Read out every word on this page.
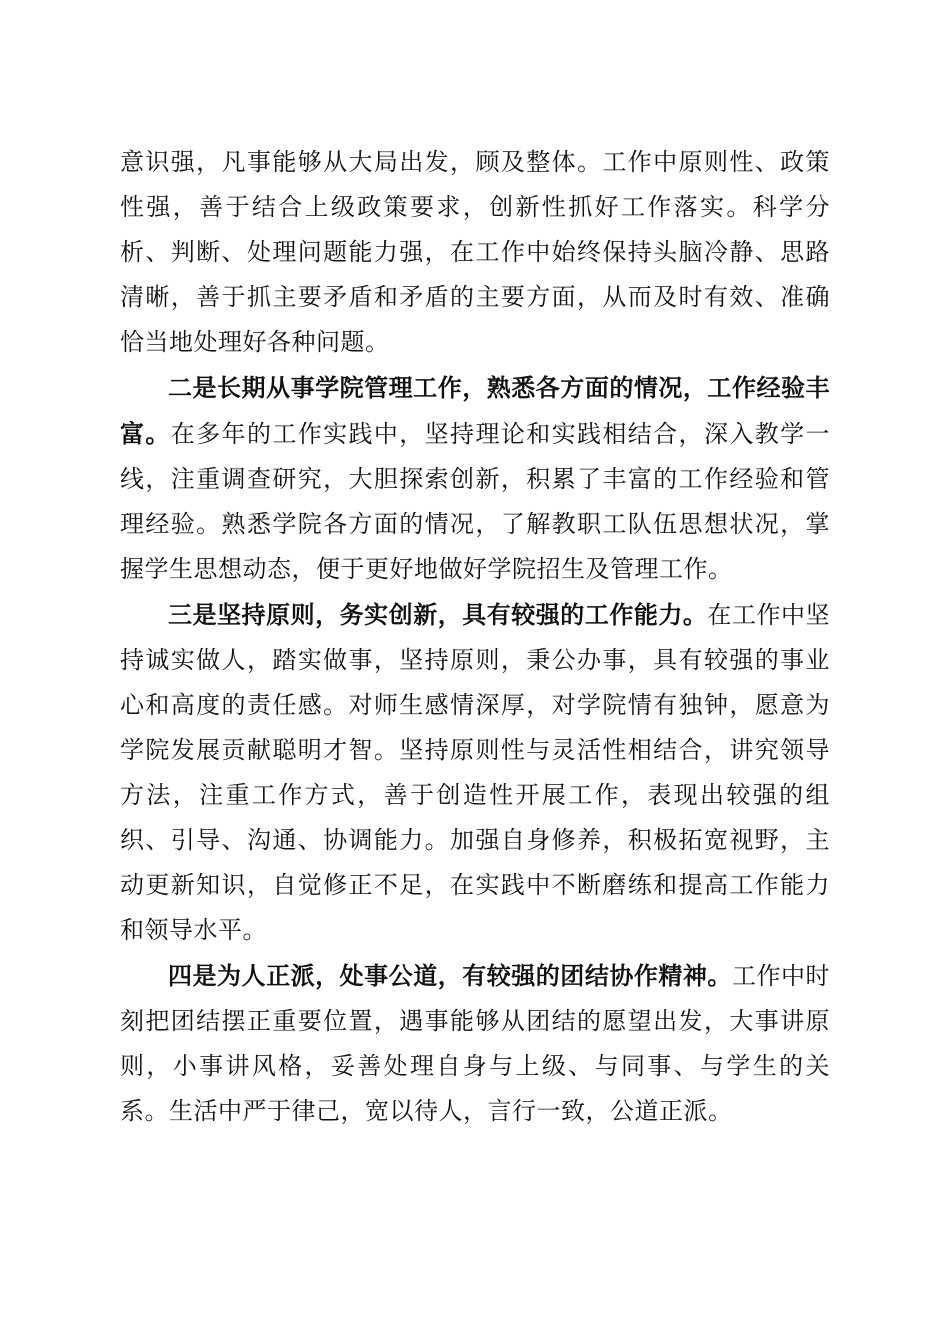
意识强，凡事能够从大局出发，顾及整体。工作中原则性、政策性强，善于结合上级政策要求，创新性抓好工作落实。科学分析、判断、处理问题能力强，在工作中始终保持头脑冷静、思路清晰，善于抓主要矛盾和矛盾的主要方面，从而及时有效、准确恰当地处理好各种问题。

二是长期从事学院管理工作，熟悉各方面的情况，工作经验丰富。在多年的工作实践中，坚持理论和实践相结合，深入教学一线，注重调查研究，大胆探索创新，积累了丰富的工作经验和管理经验。熟悉学院各方面的情况，了解教职工队伍思想状况，掌握学生思想动态，便于更好地做好学院招生及管理工作。

三是坚持原则，务实创新，具有较强的工作能力。在工作中坚持诚实做人，踏实做事，坚持原则，秉公办事，具有较强的事业心和高度的责任感。对师生感情深厚，对学院情有独钟，愿意为学院发展贡献聪明才智。坚持原则性与灵活性相结合，讲究领导方法，注重工作方式，善于创造性开展工作，表现出较强的组织、引导、沟通、协调能力。加强自身修养，积极拓宽视野，主动更新知识，自觉修正不足，在实践中不断磨练和提高工作能力和领导水平。

四是为人正派，处事公道，有较强的团结协作精神。工作中时刻把团结摆正重要位置，遇事能够从团结的愿望出发，大事讲原则，小事讲风格，妥善处理自身与上级、与同事、与学生的关系。生活中严于律己，宽以待人，言行一致，公道正派。
